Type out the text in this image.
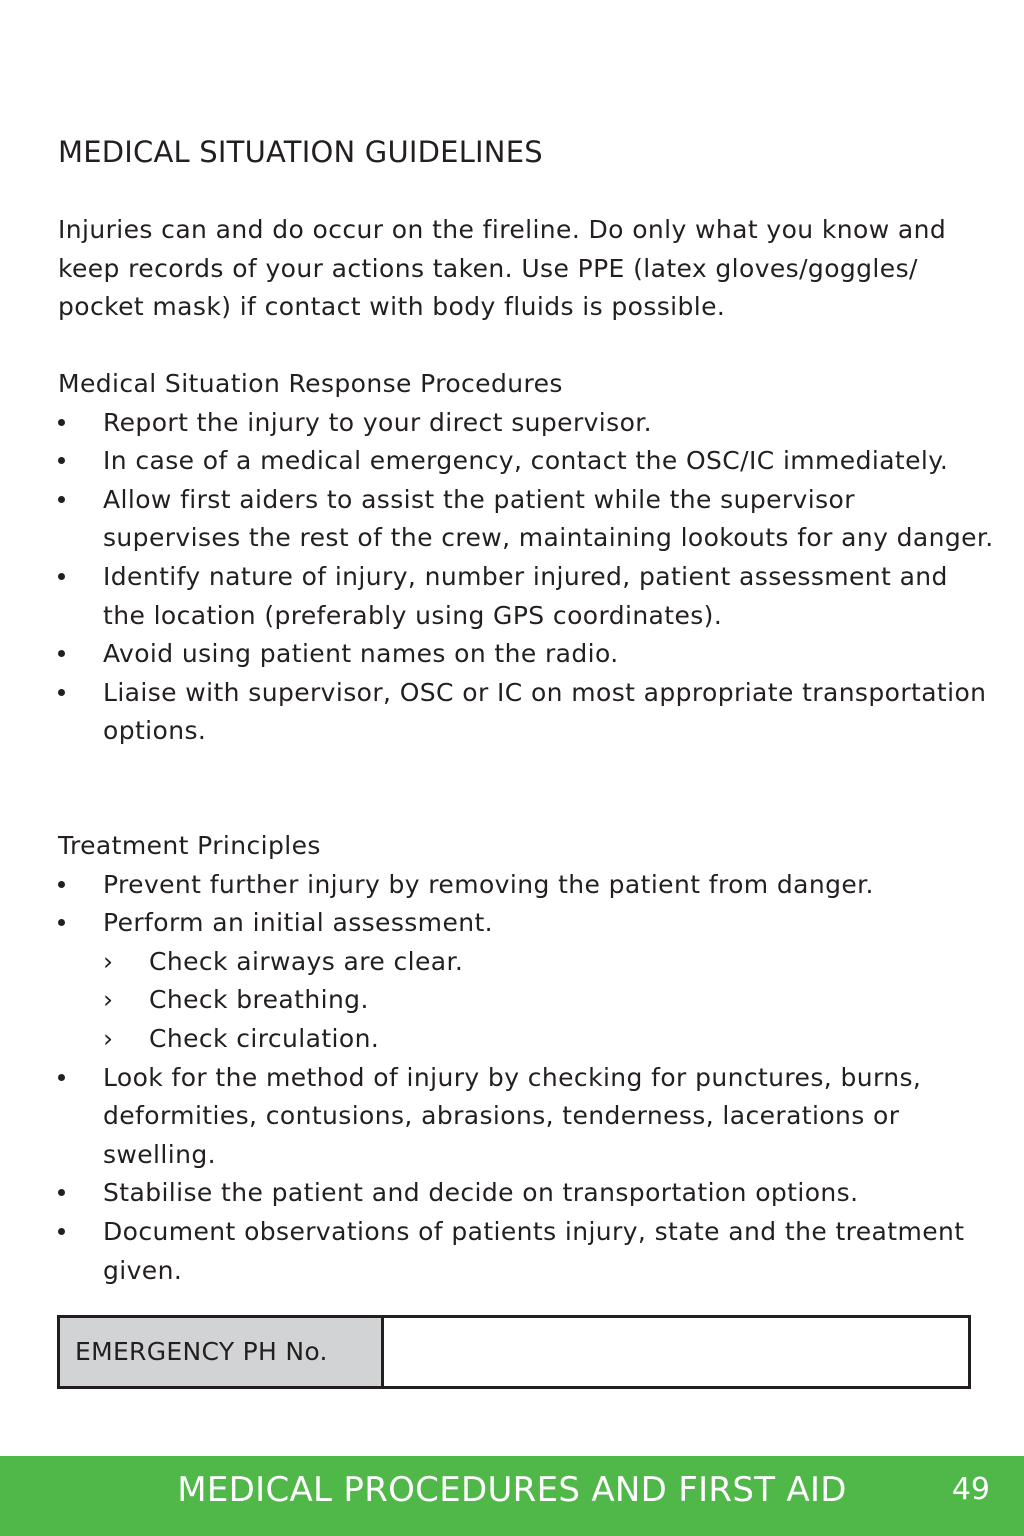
MEDICAL SITUATION GUIDELINES

Injuries can and do occur on the fireline. Do only what you know and keep records of your actions taken. Use PPE (latex gloves/goggles/ pocket mask) if contact with body fluids is possible.

Medical Situation Response Procedures
Report the injury to your direct supervisor.
In case of a medical emergency, contact the OSC/IC immediately.
Allow first aiders to assist the patient while the supervisor supervises the rest of the crew, maintaining lookouts for any danger.
Identify nature of injury, number injured, patient assessment and the location (preferably using GPS coordinates).
Avoid using patient names on the radio.
Liaise with supervisor, OSC or IC on most appropriate transportation options.
Treatment Principles
Prevent further injury by removing the patient from danger.
Perform an initial assessment.
› Check airways are clear.
› Check breathing.
› Check circulation.
Look for the method of injury by checking for punctures, burns, deformities, contusions, abrasions, tenderness, lacerations or swelling.
Stabilise the patient and decide on transportation options.
Document observations of patients injury, state and the treatment given.
EMERGENCY PH No.
MEDICAL PROCEDURES AND FIRST AID	49
